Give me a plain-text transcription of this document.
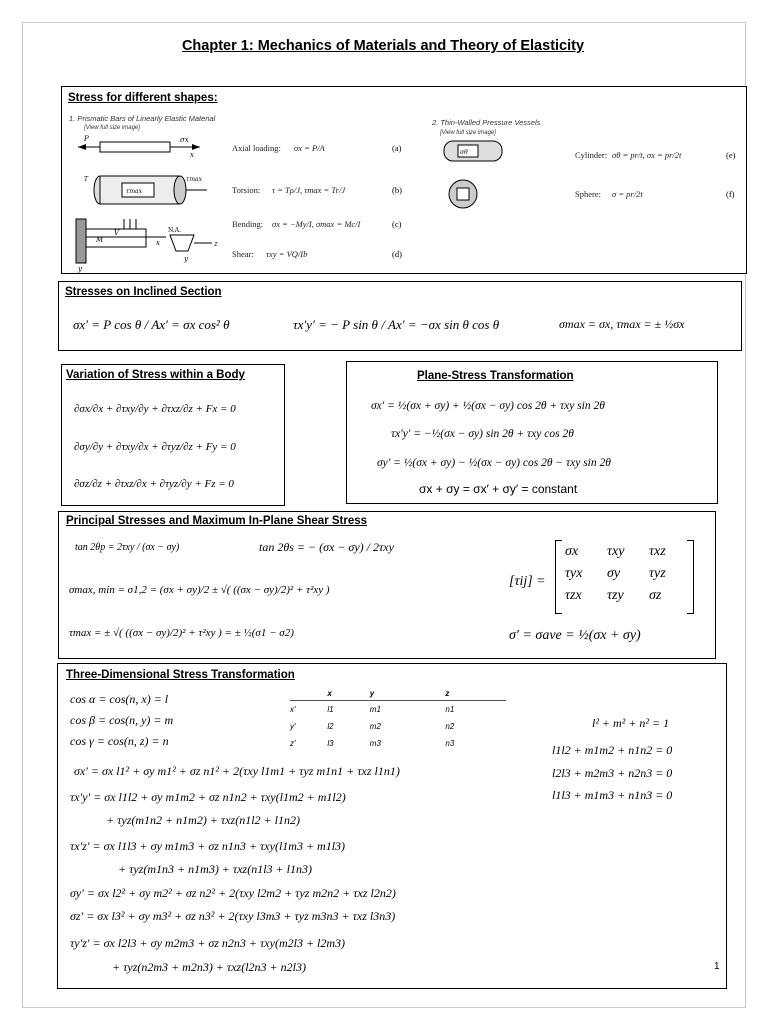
Chapter 1: Mechanics of Materials and Theory of Elasticity
Stress for different shapes:
1. Prismatic Bars of Linearly Elastic Material	2. Thin-Walled Pressure Vessels
[View full size image]
[View full size image]
P	σx
x
τmax
τmax
T
M
V
x
N.A.
z
y
y
σθ
Axial loading: σx = P/A	(a)
Torsion: τ = Tρ/J, τmax = Tr/J	(b)
Bending: σx = −My/I, σmax = Mc/I	(c)
Shear: τxy = VQ/Ib	(d)
Cylinder: σθ = pr/t, σx = pr/2t	(e)
Sphere: σ = pr/2t	(f)
Stresses on Inclined Section
σx′ = P cos θ / Ax′ = σx cos² θ	τx′y′ = − P sin θ / Ax′ = −σx sin θ cos θ	σmax = σx, τmax = ± ½σx
Variation of Stress within a Body
∂σx/∂x + ∂τxy/∂y + ∂τxz/∂z + Fx = 0
∂σy/∂y + ∂τxy/∂x + ∂τyz/∂z + Fy = 0
∂σz/∂z + ∂τxz/∂x + ∂τyz/∂y + Fz = 0
Plane-Stress Transformation
σx′ = ½(σx + σy) + ½(σx − σy) cos 2θ + τxy sin 2θ
τx′y′ = −½(σx − σy) sin 2θ + τxy cos 2θ
σy′ = ½(σx + σy) − ½(σx − σy) cos 2θ − τxy sin 2θ
σx + σy = σx′ + σy′ = constant
Principal Stresses and Maximum In-Plane Shear Stress
tan 2θp = 2τxy / (σx − σy)	tan 2θs = − (σx − σy) / 2τxy
σmax, min = σ1,2 = (σx + σy)/2 ± √( ((σx − σy)/2)² + τ²xy )
τmax = ± √( ((σx − σy)/2)² + τ²xy ) = ± ½(σ1 − σ2)
[τij] =
σx τxy τxz
τyx σy τyz
τzx τzy σz
σ′ = σave = ½(σx + σy)
Three-Dimensional Stress Transformation
cos α = cos(n, x) = l
cos β = cos(n, y) = m
cos γ = cos(n, z) = n
	x	y	z
x′	l1	m1	n1
y′	l2	m2	n2
z′	l3	m3	n3
l² + m² + n² = 1
l1l2 + m1m2 + n1n2 = 0
l2l3 + m2m3 + n2n3 = 0
l1l3 + m1m3 + n1n3 = 0
σx′ = σx l1² + σy m1² + σz n1² + 2(τxy l1m1 + τyz m1n1 + τxz l1n1)
τx′y′ = σx l1l2 + σy m1m2 + σz n1n2 + τxy(l1m2 + m1l2)
+ τyz(m1n2 + n1m2) + τxz(n1l2 + l1n2)
τx′z′ = σx l1l3 + σy m1m3 + σz n1n3 + τxy(l1m3 + m1l3)
+ τyz(m1n3 + n1m3) + τxz(n1l3 + l1n3)
σy′ = σx l2² + σy m2² + σz n2² + 2(τxy l2m2 + τyz m2n2 + τxz l2n2)
σz′ = σx l3² + σy m3² + σz n3² + 2(τxy l3m3 + τyz m3n3 + τxz l3n3)
τy′z′ = σx l2l3 + σy m2m3 + σz n2n3 + τxy(m2l3 + l2m3)
+ τyz(n2m3 + m2n3) + τxz(l2n3 + n2l3)	1
